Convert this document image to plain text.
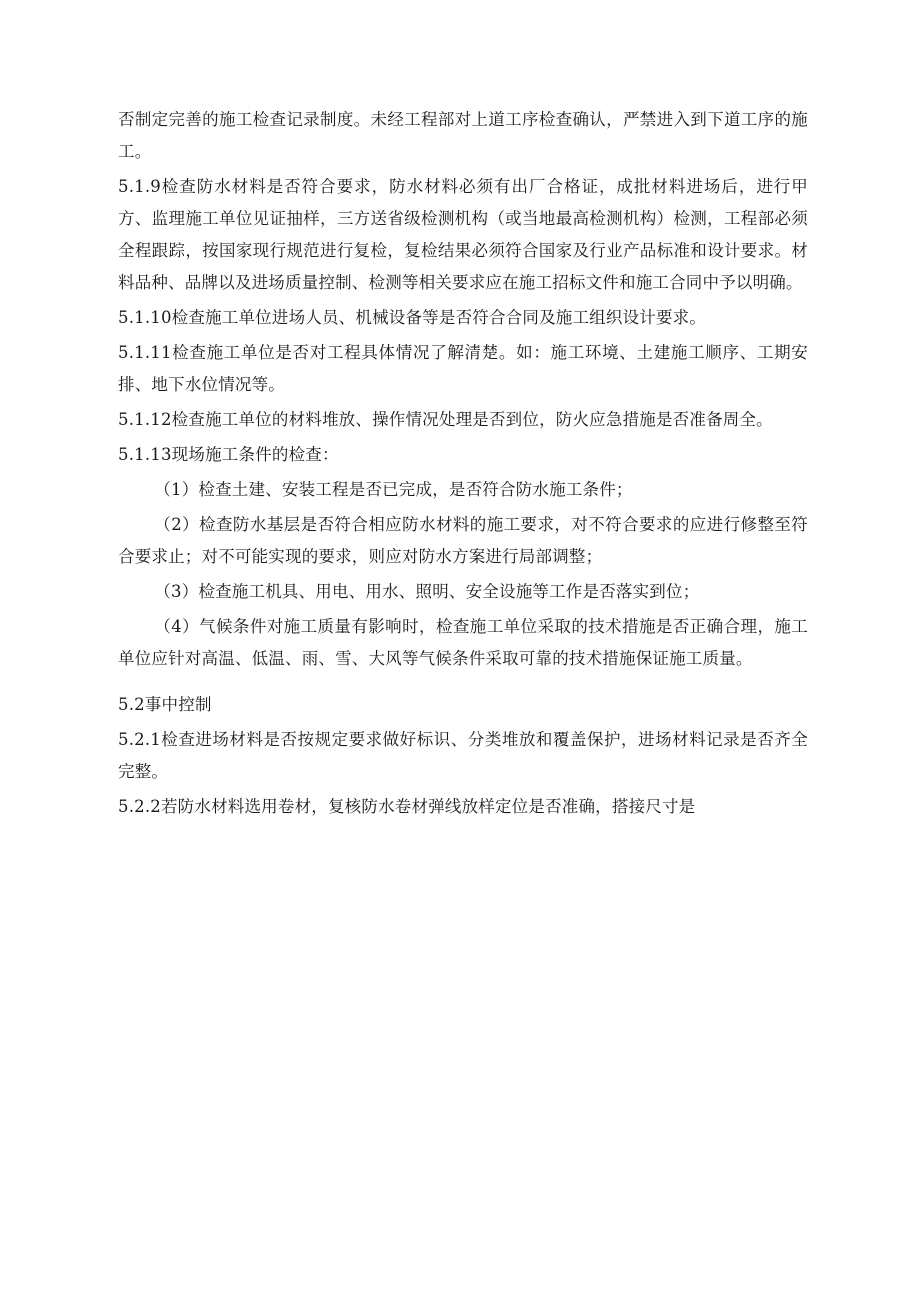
否制定完善的施工检查记录制度。未经工程部对上道工序检查确认，严禁进入到下道工序的施工。

5.1.9检查防水材料是否符合要求，防水材料必须有出厂合格证，成批材料进场后，进行甲方、监理施工单位见证抽样，三方送省级检测机构（或当地最高检测机构）检测，工程部必须全程跟踪，按国家现行规范进行复检，复检结果必须符合国家及行业产品标准和设计要求。材料品种、品牌以及进场质量控制、检测等相关要求应在施工招标文件和施工合同中予以明确。

5.1.10检查施工单位进场人员、机械设备等是否符合合同及施工组织设计要求。

5.1.11检查施工单位是否对工程具体情况了解清楚。如：施工环境、土建施工顺序、工期安排、地下水位情况等。

5.1.12检查施工单位的材料堆放、操作情况处理是否到位，防火应急措施是否准备周全。

5.1.13现场施工条件的检查：

（1）检查土建、安装工程是否已完成，是否符合防水施工条件；

（2）检查防水基层是否符合相应防水材料的施工要求，对不符合要求的应进行修整至符合要求止；对不可能实现的要求，则应对防水方案进行局部调整；

（3）检查施工机具、用电、用水、照明、安全设施等工作是否落实到位；

（4）气候条件对施工质量有影响时，检查施工单位采取的技术措施是否正确合理，施工单位应针对高温、低温、雨、雪、大风等气候条件采取可靠的技术措施保证施工质量。

5.2事中控制

5.2.1检查进场材料是否按规定要求做好标识、分类堆放和覆盖保护，进场材料记录是否齐全完整。

5.2.2若防水材料选用卷材，复核防水卷材弹线放样定位是否准确，搭接尺寸是
